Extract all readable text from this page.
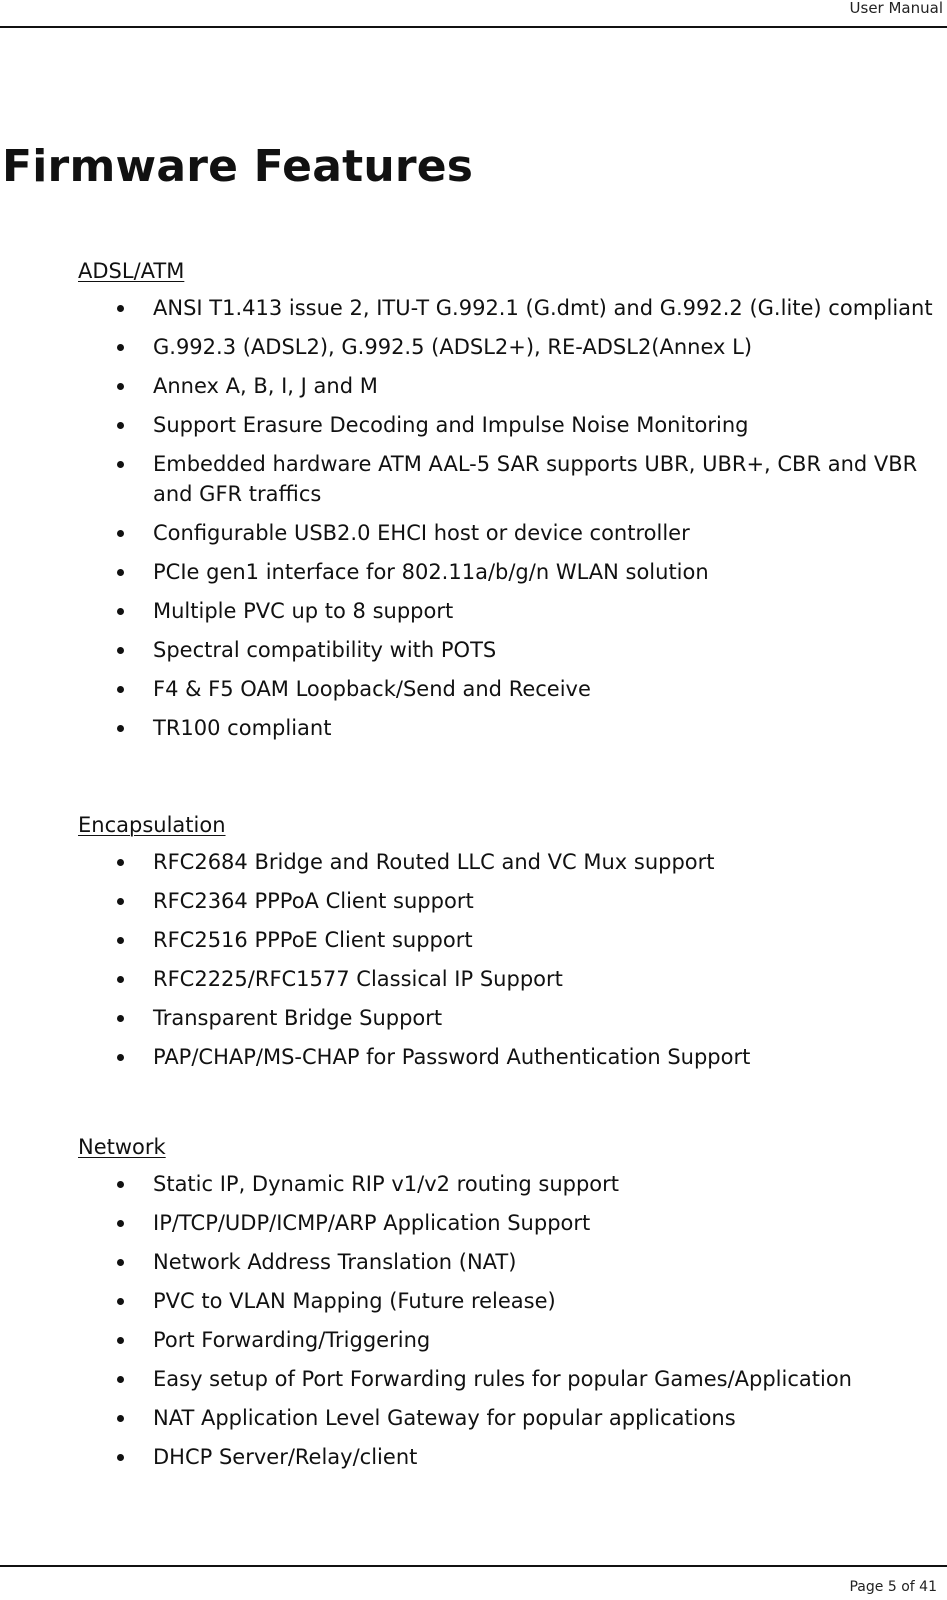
User Manual
Firmware Features
ADSL/ATM
ANSI T1.413 issue 2, ITU-T G.992.1 (G.dmt) and G.992.2 (G.lite) compliant
G.992.3 (ADSL2), G.992.5 (ADSL2+), RE-ADSL2(Annex L)
Annex A, B, I, J and M
Support Erasure Decoding and Impulse Noise Monitoring
Embedded hardware ATM AAL-5 SAR supports UBR, UBR+, CBR and VBR and GFR traffics
Configurable USB2.0 EHCI host or device controller
PCIe gen1 interface for 802.11a/b/g/n WLAN solution
Multiple PVC up to 8 support
Spectral compatibility with POTS
F4 & F5 OAM Loopback/Send and Receive
TR100 compliant
Encapsulation
RFC2684 Bridge and Routed LLC and VC Mux support
RFC2364 PPPoA Client support
RFC2516 PPPoE Client support
RFC2225/RFC1577 Classical IP Support
Transparent Bridge Support
PAP/CHAP/MS-CHAP for Password Authentication Support
Network
Static IP, Dynamic RIP v1/v2 routing support
IP/TCP/UDP/ICMP/ARP Application Support
Network Address Translation (NAT)
PVC to VLAN Mapping (Future release)
Port Forwarding/Triggering
Easy setup of Port Forwarding rules for popular Games/Application
NAT Application Level Gateway for popular applications
DHCP Server/Relay/client
Page 5 of 41
